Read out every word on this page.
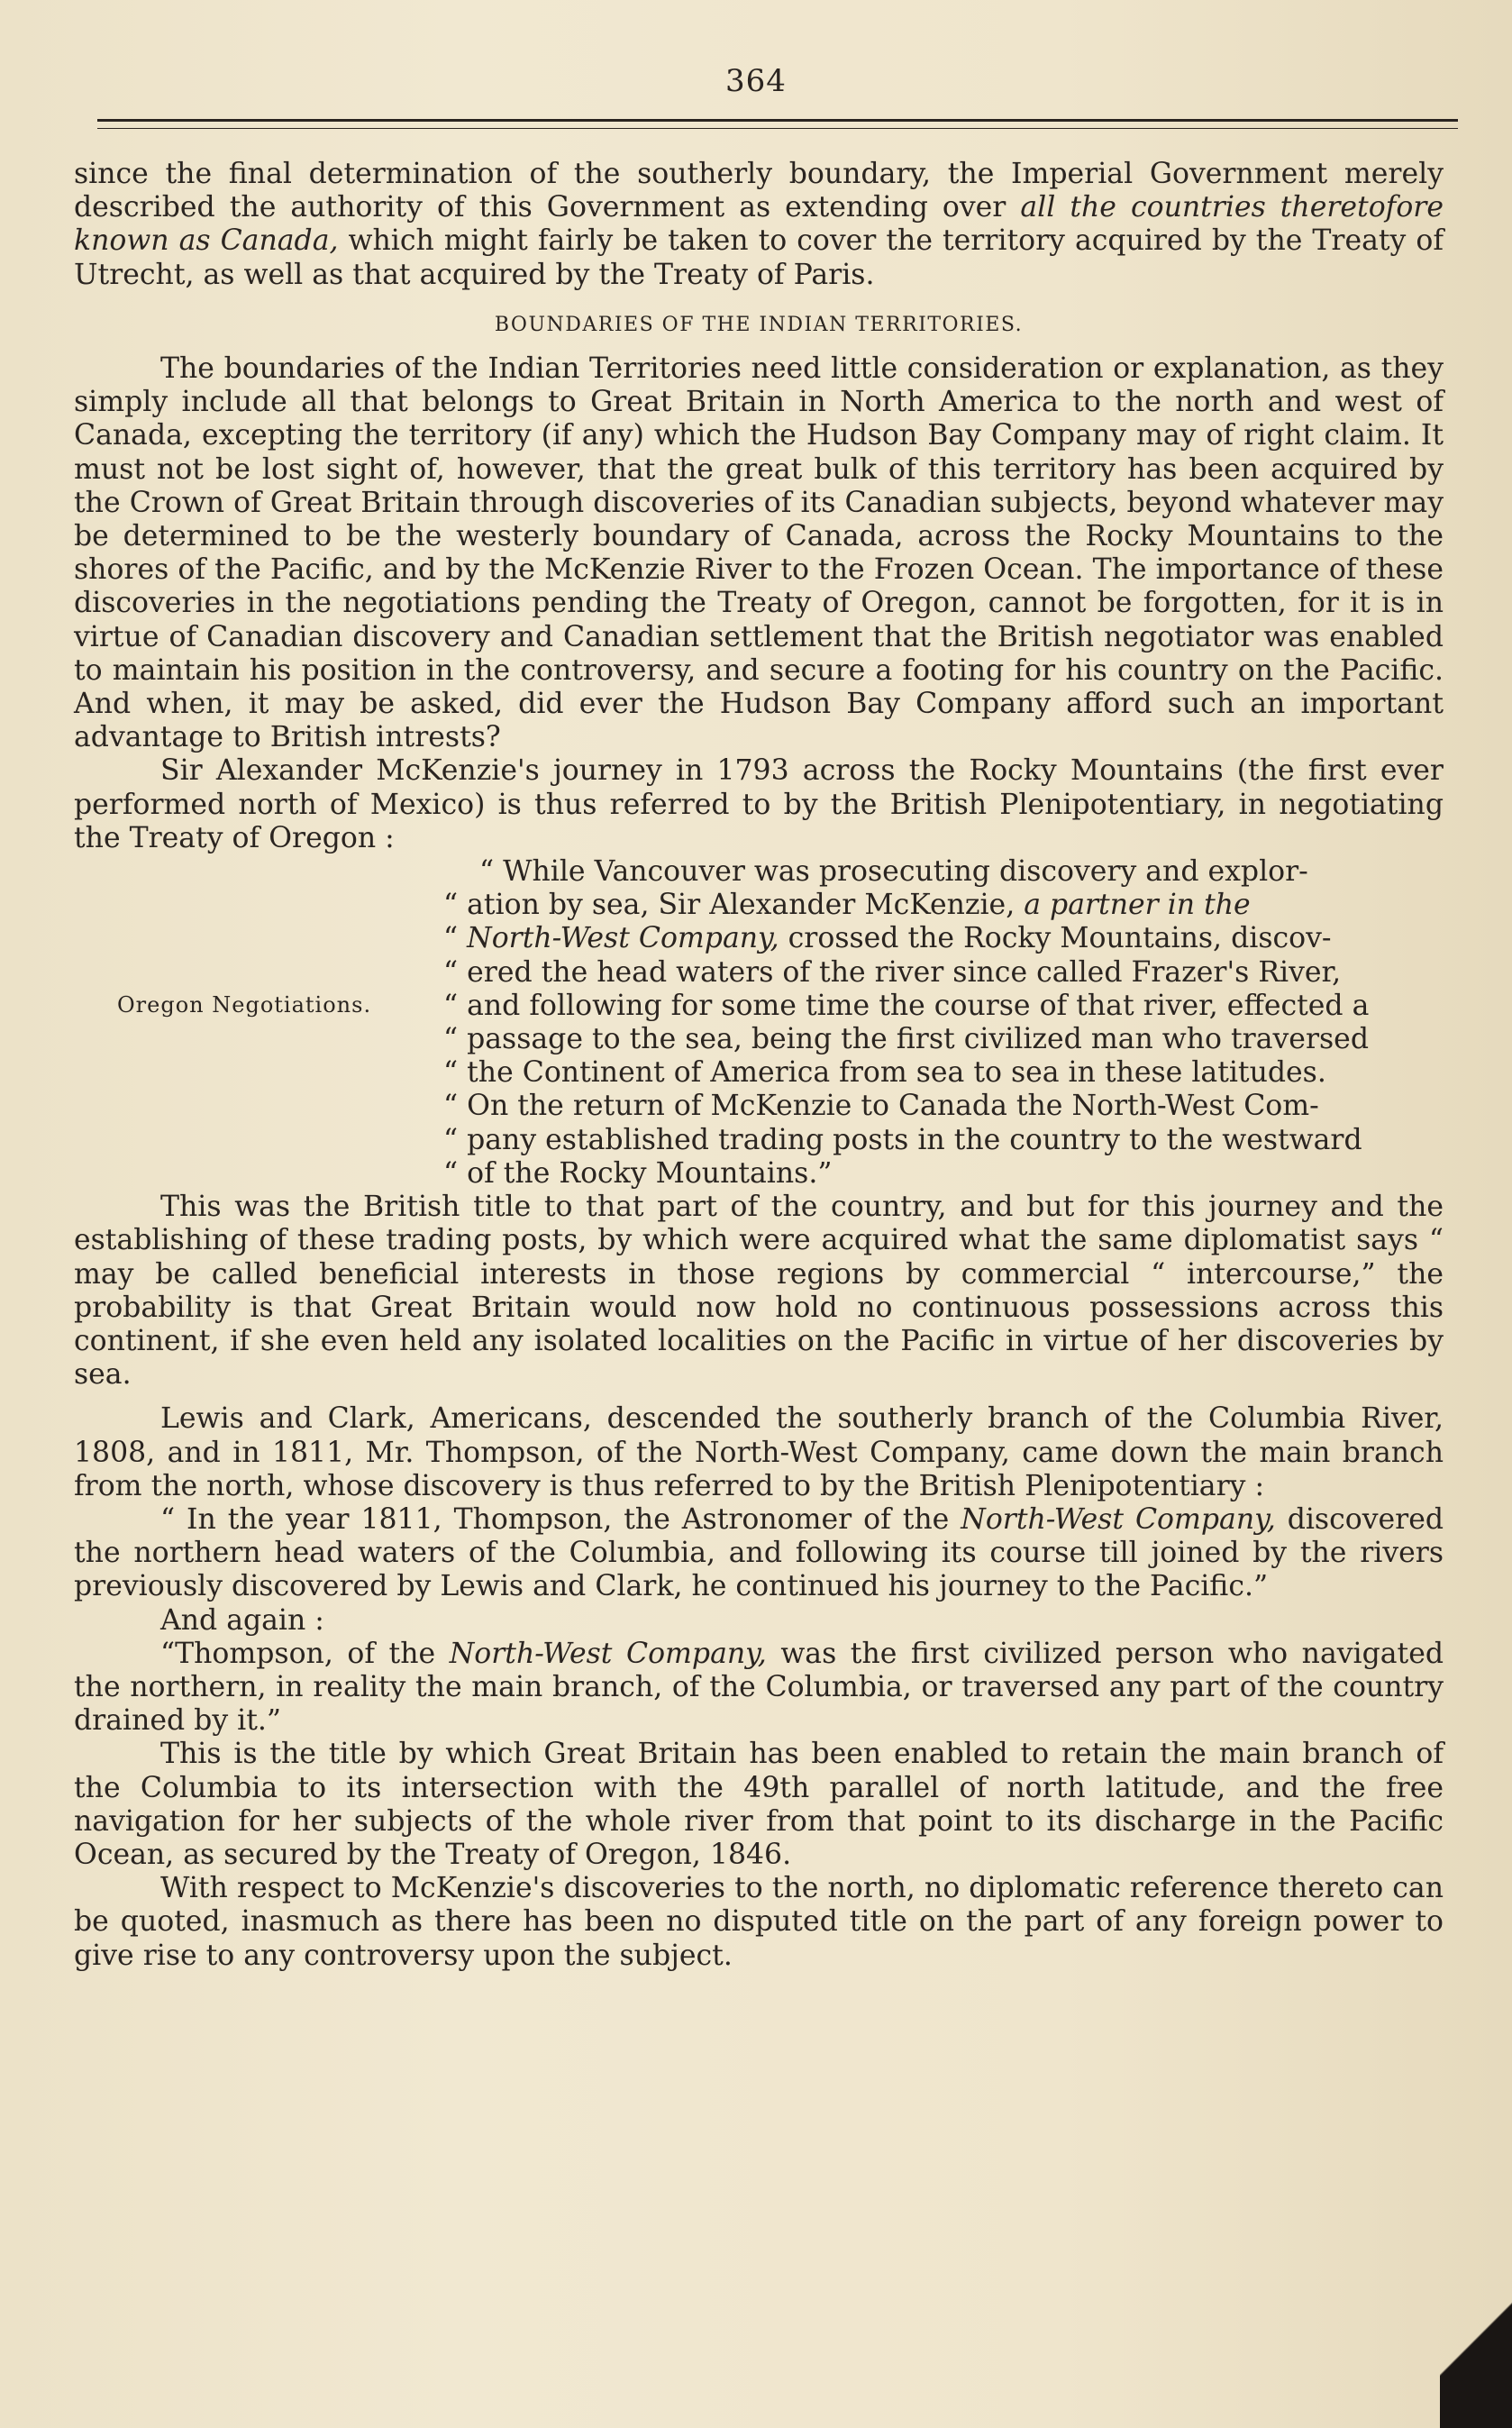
364

since the final determination of the southerly boundary, the Imperial Government merely described the authority of this Government as extending over all the countries theretofore known as Canada, which might fairly be taken to cover the territory acquired by the Treaty of Utrecht, as well as that acquired by the Treaty of Paris.

BOUNDARIES OF THE INDIAN TERRITORIES.

The boundaries of the Indian Territories need little consideration or explanation, as they simply include all that belongs to Great Britain in North America to the north and west of Canada, excepting the territory (if any) which the Hudson Bay Company may of right claim. It must not be lost sight of, however, that the great bulk of this territory has been acquired by the Crown of Great Britain through discoveries of its Canadian subjects, beyond whatever may be determined to be the westerly boundary of Canada, across the Rocky Mountains to the shores of the Pacific, and by the McKenzie River to the Frozen Ocean. The importance of these discoveries in the negotiations pending the Treaty of Oregon, cannot be forgotten, for it is in virtue of Canadian discovery and Canadian settlement that the British negotiator was enabled to maintain his position in the controversy, and secure a footing for his country on the Pacific. And when, it may be asked, did ever the Hudson Bay Company afford such an important advantage to British intrests?

Sir Alexander McKenzie's journey in 1793 across the Rocky Mountains (the first ever performed north of Mexico) is thus referred to by the British Plenipotentiary, in negotiating the Treaty of Oregon :

Oregon Negotiations.
“ While Vancouver was prosecuting discovery and explor-
“ ation by sea, Sir Alexander McKenzie, a partner in the
“ North-West Company, crossed the Rocky Mountains, discov-
“ ered the head waters of the river since called Frazer's River,
“ and following for some time the course of that river, effected a
“ passage to the sea, being the first civilized man who traversed
“ the Continent of America from sea to sea in these latitudes.
“ On the return of McKenzie to Canada the North-West Com-
“ pany established trading posts in the country to the westward
“ of the Rocky Mountains.”

This was the British title to that part of the country, and but for this journey and the establishing of these trading posts, by which were acquired what the same diplomatist says “ may be called beneficial interests in those regions by commercial “ intercourse,” the probability is that Great Britain would now hold no continuous possessions across this continent, if she even held any isolated localities on the Pacific in virtue of her discoveries by sea.

Lewis and Clark, Americans, descended the southerly branch of the Columbia River, 1808, and in 1811, Mr. Thompson, of the North-West Company, came down the main branch from the north, whose discovery is thus referred to by the British Plenipotentiary :

“ In the year 1811, Thompson, the Astronomer of the North-West Company, discovered the northern head waters of the Columbia, and following its course till joined by the rivers previously discovered by Lewis and Clark, he continued his journey to the Pacific.”

And again :

“Thompson, of the North-West Company, was the first civilized person who navigated the northern, in reality the main branch, of the Columbia, or traversed any part of the country drained by it.”

This is the title by which Great Britain has been enabled to retain the main branch of the Columbia to its intersection with the 49th parallel of north latitude, and the free navigation for her subjects of the whole river from that point to its discharge in the Pacific Ocean, as secured by the Treaty of Oregon, 1846.

With respect to McKenzie's discoveries to the north, no diplomatic reference thereto can be quoted, inasmuch as there has been no disputed title on the part of any foreign power to give rise to any controversy upon the subject.
